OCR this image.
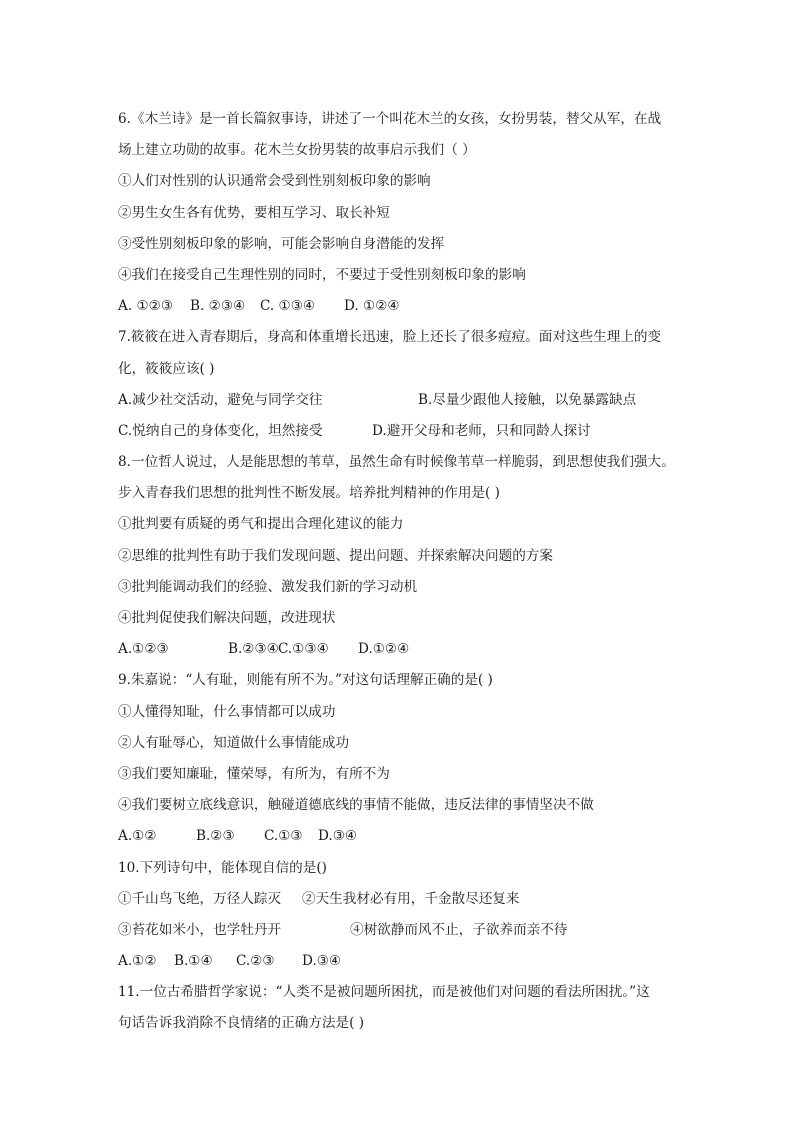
6.《木兰诗》是一首长篇叙事诗，讲述了一个叫花木兰的女孩，女扮男装，替父从军，在战
场上建立功勋的故事。花木兰女扮男装的故事启示我们（ ）
①人们对性别的认识通常会受到性别刻板印象的影响
②男生女生各有优势，要相互学习、取长补短
③受性别刻板印象的影响，可能会影响自身潜能的发挥
④我们在接受自己生理性别的同时，不要过于受性别刻板印象的影响
A. ①②③	B. ②③④	C. ①③④	D. ①②④
7.筱筱在进入青春期后，身高和体重增长迅速，脸上还长了很多痘痘。面对这些生理上的变
化，筱筱应该( )
A.减少社交活动，避免与同学交往	B.尽量少跟他人接触，以免暴露缺点
C.悦纳自己的身体变化，坦然接受	D.避开父母和老师，只和同龄人探讨
8.一位哲人说过，人是能思想的苇草，虽然生命有时候像苇草一样脆弱，到思想使我们强大。
步入青春我们思想的批判性不断发展。培养批判精神的作用是( )
①批判要有质疑的勇气和提出合理化建议的能力
②思维的批判性有助于我们发现问题、提出问题、并探索解决问题的方案
③批判能调动我们的经验、激发我们新的学习动机
④批判促使我们解决问题，改进现状
A.①②③	B.②③④ C.①③④	D.①②④
9.朱嘉说：“人有耻，则能有所不为。”对这句话理解正确的是( )
①人懂得知耻，什么事情都可以成功
②人有耻辱心，知道做什么事情能成功
③我们要知廉耻，懂荣辱，有所为，有所不为
④我们要树立底线意识，触碰道德底线的事情不能做，违反法律的事情坚决不做
A.①②	B.②③	C.①③	D.③④
10.下列诗句中，能体现自信的是()
①千山鸟飞绝，万径人踪灭	②天生我材必有用，千金散尽还复来
③苔花如米小，也学牡丹开	④树欲静而风不止，子欲养而亲不待
A.①②	B.①④	C.②③	D.③④
11.一位古希腊哲学家说：“人类不是被问题所困扰，而是被他们对问题的看法所困扰。”这
句话告诉我消除不良情绪的正确方法是( )
